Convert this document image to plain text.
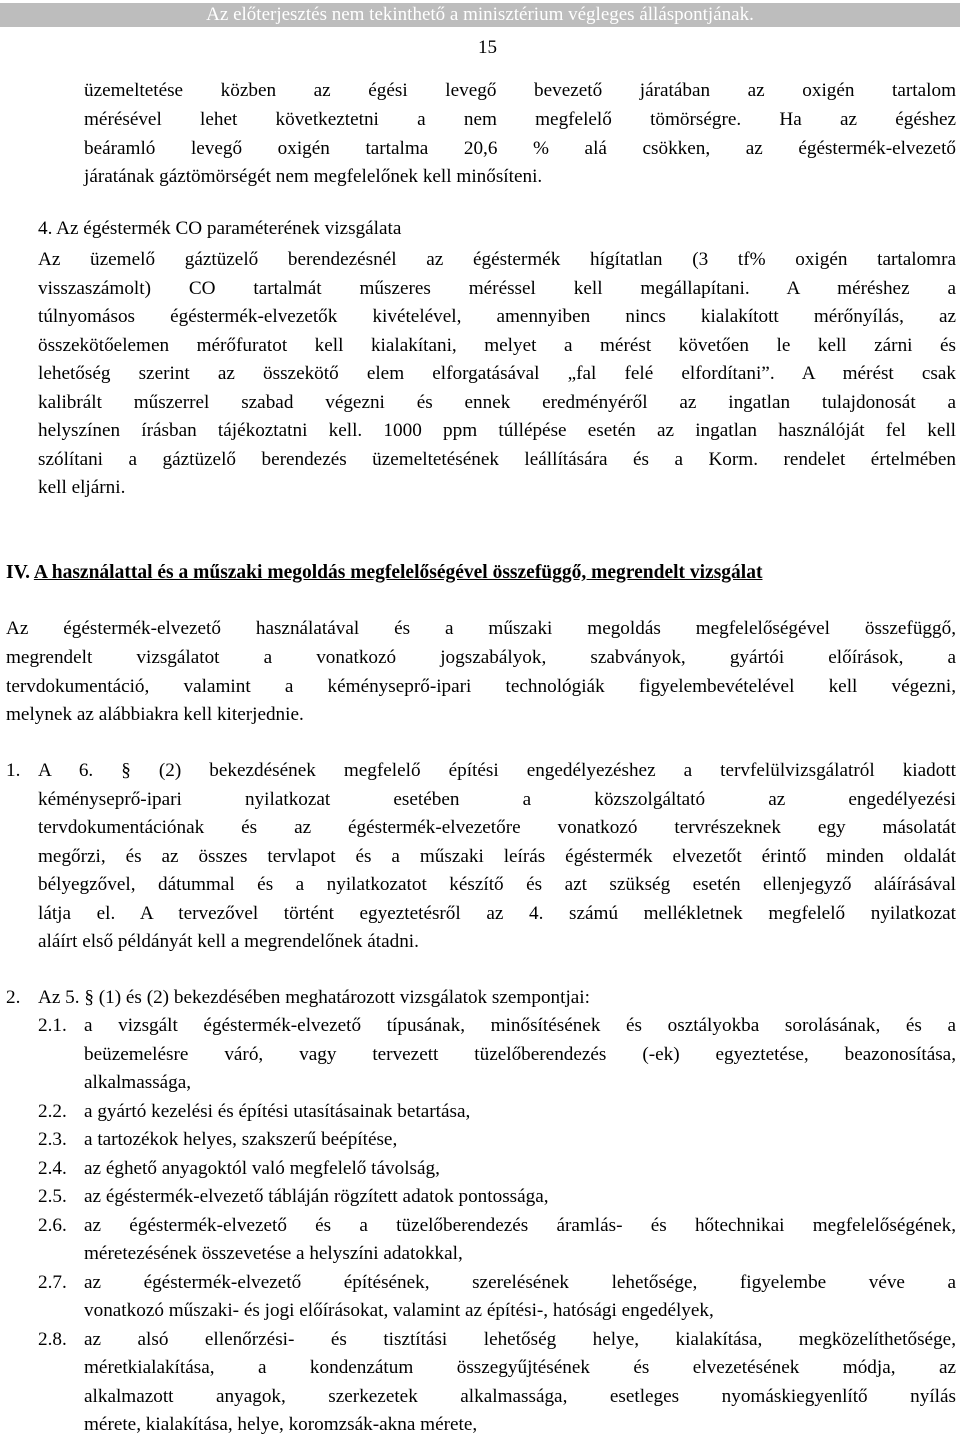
Az előterjesztés nem tekinthető a minisztérium végleges álláspontjának.
15
üzemeltetése közben az égési levegő bevezető járatában az oxigén tartalom
mérésével lehet következtetni a nem megfelelő tömörségre. Ha az égéshez
beáramló levegő oxigén tartalma 20,6 % alá csökken, az égéstermék-elvezető
járatának gáztömörségét nem megfelelőnek kell minősíteni.
4. Az égéstermék CO paraméterének vizsgálata
Az üzemelő gáztüzelő berendezésnél az égéstermék hígítatlan (3 tf% oxigén tartalomra
visszaszámolt) CO tartalmát műszeres méréssel kell megállapítani. A méréshez a
túlnyomásos égéstermék-elvezetők kivételével, amennyiben nincs kialakított mérőnyílás, az
összekötőelemen mérőfuratot kell kialakítani, melyet a mérést követően le kell zárni és
lehetőség szerint az összekötő elem elforgatásával „fal felé elfordítani”. A mérést csak
kalibrált műszerrel szabad végezni és ennek eredményéről az ingatlan tulajdonosát a
helyszínen írásban tájékoztatni kell. 1000 ppm túllépése esetén az ingatlan használóját fel kell
szólítani a gáztüzelő berendezés üzemeltetésének leállítására és a Korm. rendelet értelmében
kell eljárni.
IV. A használattal és a műszaki megoldás megfelelőségével összefüggő, megrendelt vizsgálat
Az égéstermék-elvezető használatával és a műszaki megoldás megfelelőségével összefüggő,
megrendelt vizsgálatot a vonatkozó jogszabályok, szabványok, gyártói előírások, a
tervdokumentáció, valamint a kéményseprő-ipari technológiák figyelembevételével kell végezni,
melynek az alábbiakra kell kiterjednie.
1. A 6. § (2) bekezdésének megfelelő építési engedélyezéshez a tervfelülvizsgálatról kiadott
kéményseprő-ipari nyilatkozat esetében a közszolgáltató az engedélyezési
tervdokumentációnak és az égéstermék-elvezetőre vonatkozó tervrészeknek egy másolatát
megőrzi, és az összes tervlapot és a műszaki leírás égéstermék elvezetőt érintő minden oldalát
bélyegzővel, dátummal és a nyilatkozatot készítő és azt szükség esetén ellenjegyző aláírásával
látja el. A tervezővel történt egyeztetésről az 4. számú mellékletnek megfelelő nyilatkozat
aláírt első példányát kell a megrendelőnek átadni.
2. Az 5. § (1) és (2) bekezdésében meghatározott vizsgálatok szempontjai:
2.1. a vizsgált égéstermék-elvezető típusának, minősítésének és osztályokba sorolásának, és a
beüzemelésre váró, vagy tervezett tüzelőberendezés (-ek) egyeztetése, beazonosítása,
alkalmassága,
2.2. a gyártó kezelési és építési utasításainak betartása,
2.3. a tartozékok helyes, szakszerű beépítése,
2.4. az éghető anyagoktól való megfelelő távolság,
2.5. az égéstermék-elvezető tábláján rögzített adatok pontossága,
2.6. az égéstermék-elvezető és a tüzelőberendezés áramlás- és hőtechnikai megfelelőségének,
méretezésének összevetése a helyszíni adatokkal,
2.7. az égéstermék-elvezető építésének, szerelésének lehetősége, figyelembe véve a
vonatkozó műszaki- és jogi előírásokat, valamint az építési-, hatósági engedélyek,
2.8. az alsó ellenőrzési- és tisztítási lehetőség helye, kialakítása, megközelíthetősége,
méretkialakítása, a kondenzátum összegyűjtésének és elvezetésének módja, az
alkalmazott anyagok, szerkezetek alkalmassága, esetleges nyomáskiegyenlítő nyílás
mérete, kialakítása, helye, koromzsák-akna mérete,
